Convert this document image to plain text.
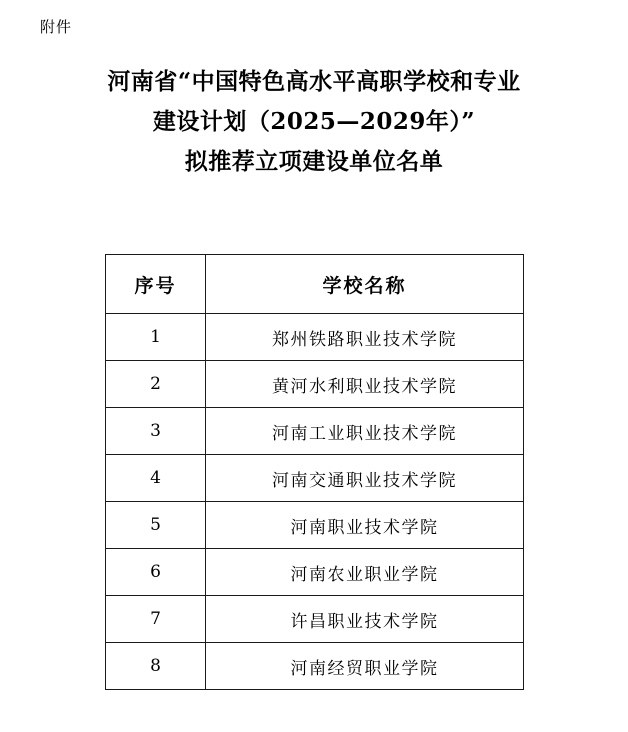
附件
河南省“中国特色高水平高职学校和专业
建设计划（2025—2029年）”
拟推荐立项建设单位名单
序号	学校名称
1	郑州铁路职业技术学院
2	黄河水利职业技术学院
3	河南工业职业技术学院
4	河南交通职业技术学院
5	河南职业技术学院
6	河南农业职业学院
7	许昌职业技术学院
8	河南经贸职业学院
